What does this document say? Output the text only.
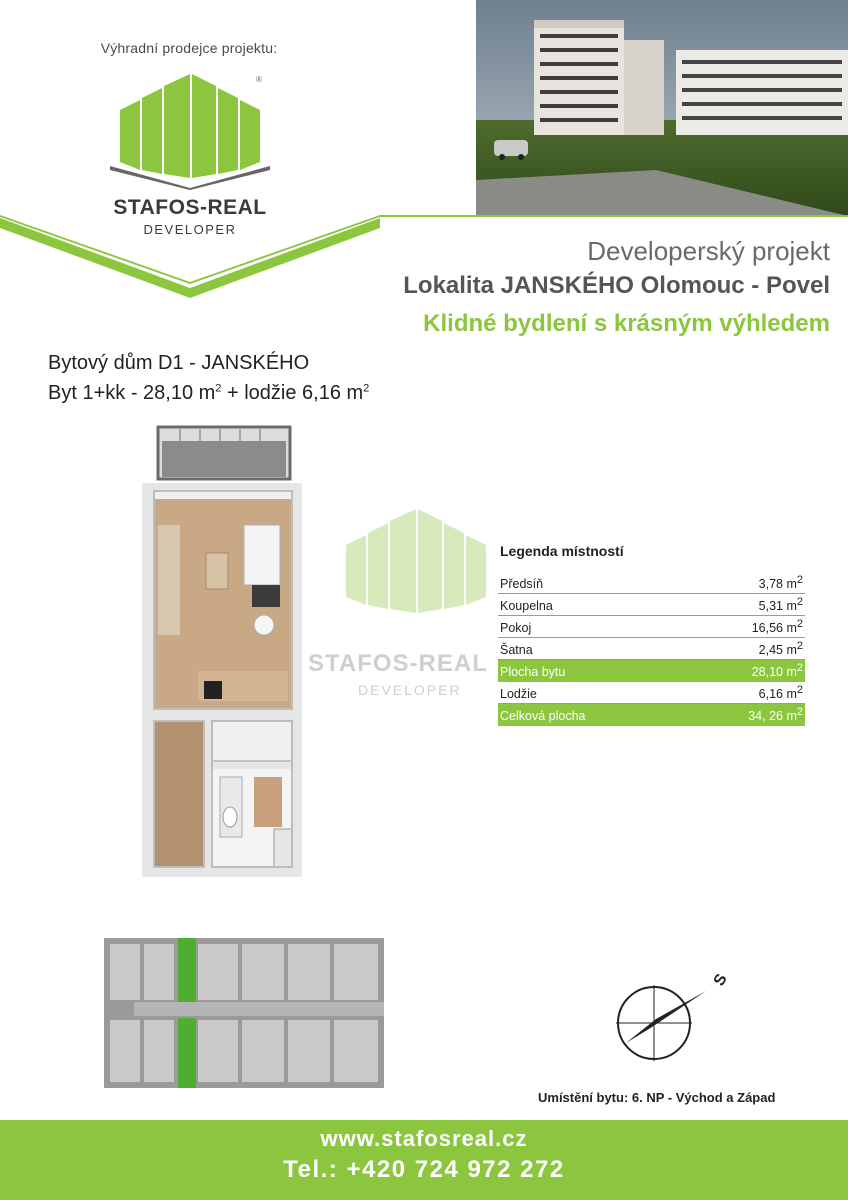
Výhradní prodejce projektu:
®
STAFOS-REAL
DEVELOPER
Developerský projekt
Lokalita JANSKÉHO Olomouc - Povel
Klidné bydlení s krásným výhledem
Bytový dům D1 - JANSKÉHO
Byt 1+kk - 28,10 $m^2$ + lodžie 6,16 $m^2$
STAFOS-REAL
DEVELOPER
Legenda místností
Předsíň	3,78 $m^2$
Koupelna	5,31 $m^2$
Pokoj	16,56 $m^2$
Šatna	2,45 $m^2$
Plocha bytu	28,10 $m^2$
Lodžie	6,16 $m^2$
Celková plocha	34, 26 $m^2$
S
Umístění bytu: 6. NP - Východ a Západ
www.stafosreal.cz
Tel.: +420 724 972 272
